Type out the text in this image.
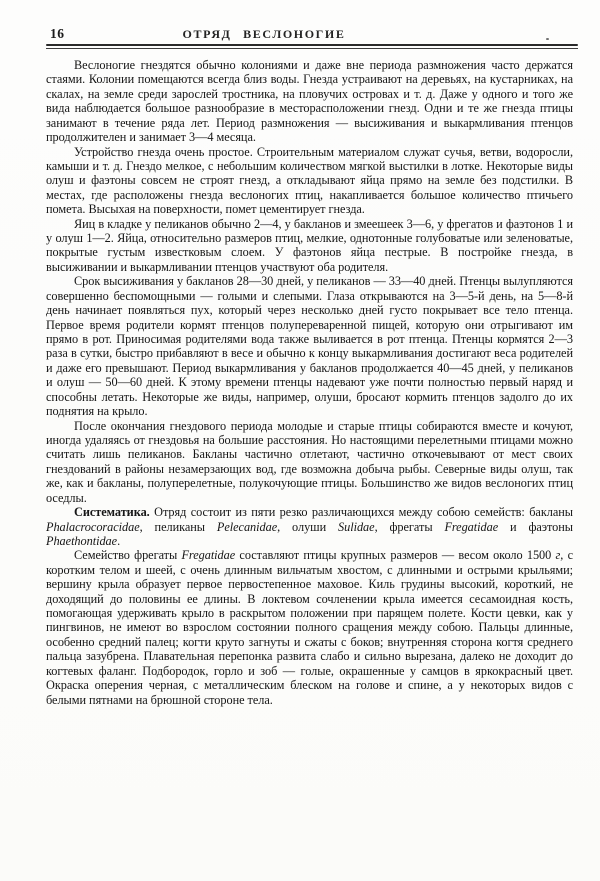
16	ОТРЯД ВЕСЛОНОГИЕ

Веслоногие гнездятся обычно колониями и даже вне периода размножения часто держатся стаями. Колонии помещаются всегда близ воды. Гнезда устраивают на деревьях, на кустарниках, на скалах, на земле среди зарослей тростника, на пловучих островах и т. д. Даже у одного и того же вида наблюдается большое разнообразие в месторасположении гнезд. Одни и те же гнезда птицы занимают в течение ряда лет. Период размножения — высиживания и выкармливания птенцов продолжителен и занимает 3—4 месяца.

Устройство гнезда очень простое. Строительным материалом служат сучья, ветви, водоросли, камыши и т. д. Гнездо мелкое, с небольшим количеством мягкой выстилки в лотке. Некоторые виды олуш и фаэтоны совсем не строят гнезд, а откладывают яйца прямо на земле без подстилки. В местах, где расположены гнезда веслоногих птиц, накапливается большое количество птичьего помета. Высыхая на поверхности, помет цементирует гнезда.

Яиц в кладке у пеликанов обычно 2—4, у бакланов и змеешеек 3—6, у фрегатов и фаэтонов 1 и у олуш 1—2. Яйца, относительно размеров птиц, мелкие, однотонные голубоватые или зеленоватые, покрытые густым известковым слоем. У фаэтонов яйца пестрые. В постройке гнезда, в высиживании и выкармливании птенцов участвуют оба родителя.

Срок высиживания у бакланов 28—30 дней, у пеликанов — 33—40 дней. Птенцы вылупляются совершенно беспомощными — голыми и слепыми. Глаза открываются на 3—5-й день, на 5—8-й день начинает появляться пух, который через несколько дней густо покрывает все тело птенца. Первое время родители кормят птенцов полупереваренной пищей, которую они отрыгивают им прямо в рот. Приносимая родителями вода также выливается в рот птенца. Птенцы кормятся 2—3 раза в сутки, быстро прибавляют в весе и обычно к концу выкармливания достигают веса родителей и даже его превышают. Период выкармливания у бакланов продолжается 40—45 дней, у пеликанов и олуш — 50—60 дней. К этому времени птенцы надевают уже почти полностью первый наряд и способны летать. Некоторые же виды, например, олуши, бросают кормить птенцов задолго до их поднятия на крыло.

После окончания гнездового периода молодые и старые птицы собираются вместе и кочуют, иногда удаляясь от гнездовья на большие расстояния. Но настоящими перелетными птицами можно считать лишь пеликанов. Бакланы частично отлетают, частично откочевывают от мест своих гнездований в районы незамерзающих вод, где возможна добыча рыбы. Северные виды олуш, так же, как и бакланы, полуперелетные, полукочующие птицы. Большинство же видов веслоногих птиц оседлы.

Систематика. Отряд состоит из пяти резко различающихся между собою семейств: бакланы Phalacrocoracidae, пеликаны Pelecanidae, олуши Sulidae, фрегаты Fregatidae и фаэтоны Phaethontidae.

Семейство фрегаты Fregatidae составляют птицы крупных размеров — весом около 1500 г, с коротким телом и шеей, с очень длинным вильчатым хвостом, с длинными и острыми крыльями; вершину крыла образует первое первостепенное маховое. Киль грудины высокий, короткий, не доходящий до половины ее длины. В локтевом сочленении крыла имеется сесамоидная кость, помогающая удерживать крыло в раскрытом положении при парящем полете. Кости цевки, как у пингвинов, не имеют во взрослом состоянии полного сращения между собою. Пальцы длинные, особенно средний палец; когти круто загнуты и сжаты с боков; внутренняя сторона когтя среднего пальца зазубрена. Плавательная перепонка развита слабо и сильно вырезана, далеко не доходит до когтевых фаланг. Подбородок, горло и зоб — голые, окрашенные у самцов в яркокрасный цвет. Окраска оперения черная, с металлическим блеском на голове и спине, а у некоторых видов с белыми пятнами на брюшной стороне тела.
